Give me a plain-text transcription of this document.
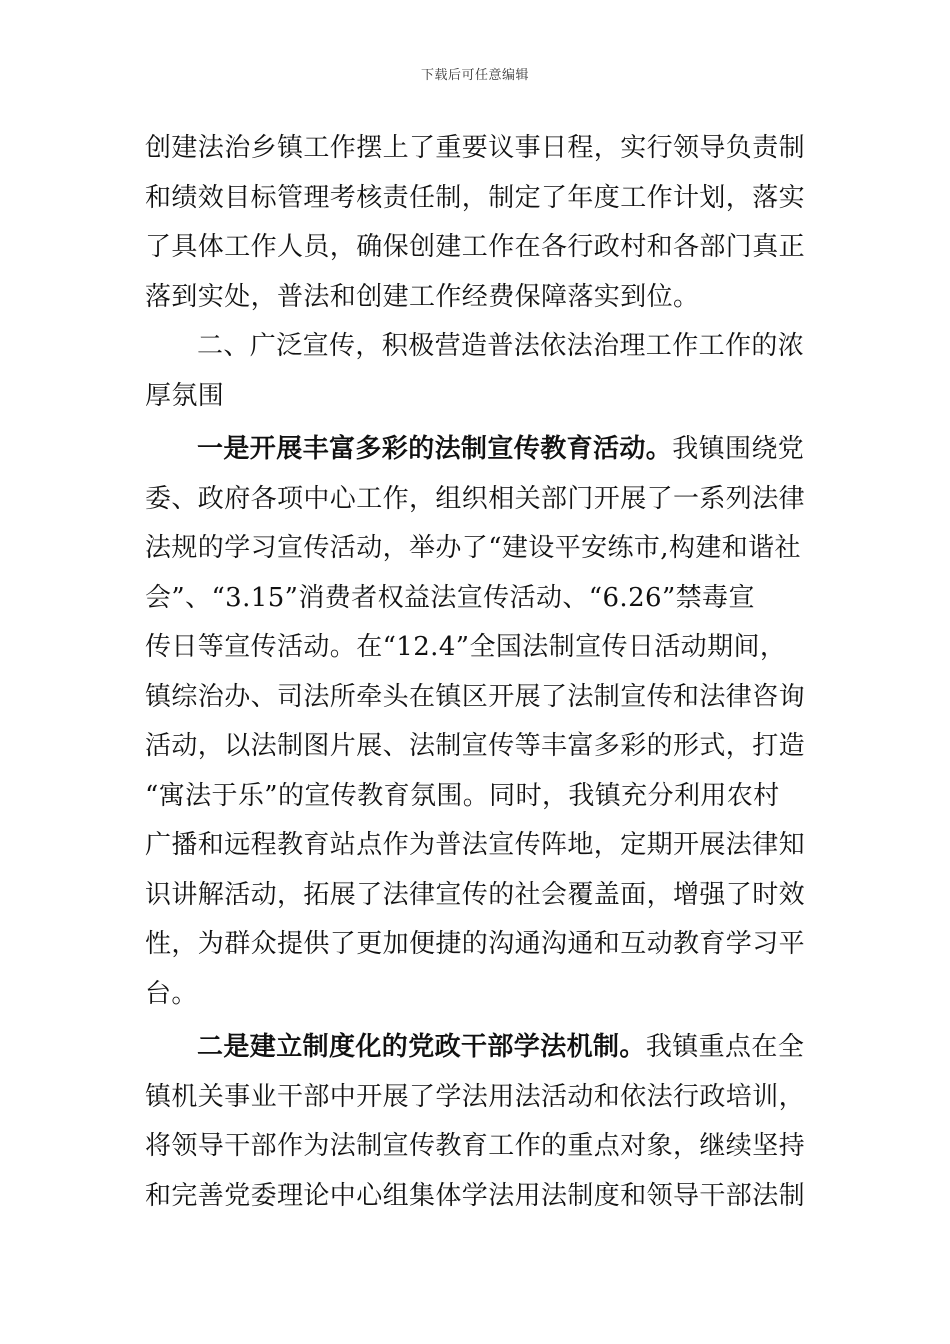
下载后可任意编辑
创建法治乡镇工作摆上了重要议事日程，实行领导负责制
和绩效目标管理考核责任制，制定了年度工作计划，落实
了具体工作人员，确保创建工作在各行政村和各部门真正
落到实处，普法和创建工作经费保障落实到位。
二、广泛宣传，积极营造普法依法治理工作工作的浓
厚氛围
一是开展丰富多彩的法制宣传教育活动。我镇围绕党
委、政府各项中心工作，组织相关部门开展了一系列法律
法规的学习宣传活动，举办了“建设平安练市,构建和谐社
会”、“3.15”消费者权益法宣传活动、“6.26”禁毒宣
传日等宣传活动。在“12.4”全国法制宣传日活动期间，
镇综治办、司法所牵头在镇区开展了法制宣传和法律咨询
活动，以法制图片展、法制宣传等丰富多彩的形式，打造
“寓法于乐”的宣传教育氛围。同时，我镇充分利用农村
广播和远程教育站点作为普法宣传阵地，定期开展法律知
识讲解活动，拓展了法律宣传的社会覆盖面，增强了时效
性，为群众提供了更加便捷的沟通沟通和互动教育学习平
台。
二是建立制度化的党政干部学法机制。我镇重点在全
镇机关事业干部中开展了学法用法活动和依法行政培训，
将领导干部作为法制宣传教育工作的重点对象，继续坚持
和完善党委理论中心组集体学法用法制度和领导干部法制
